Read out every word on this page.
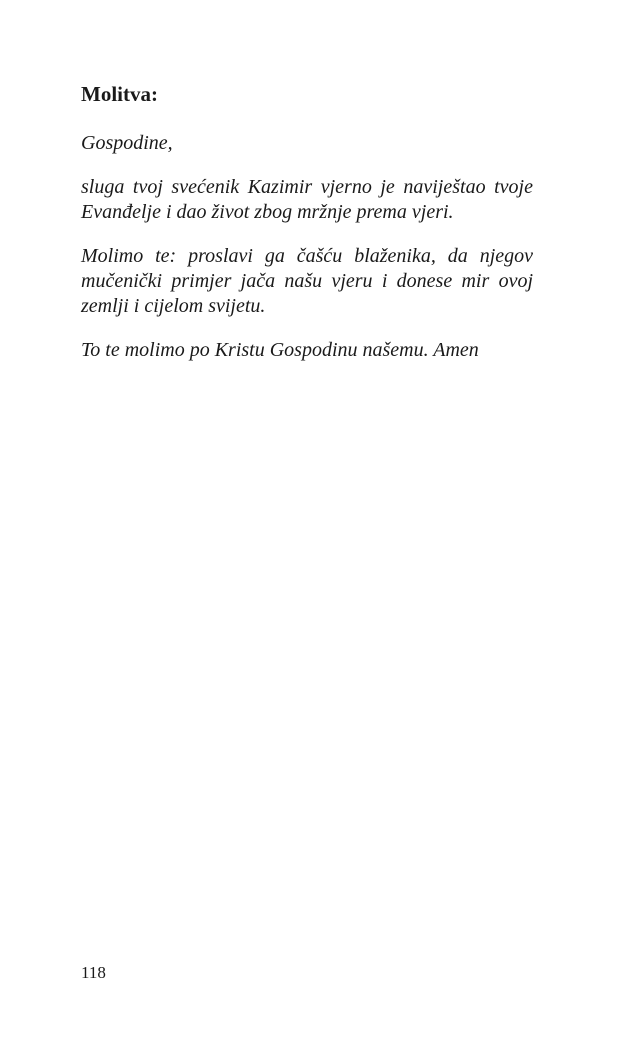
Molitva:

Gospodine,

sluga tvoj svećenik Kazimir vjerno je naviještao tvoje Evanđelje i dao život zbog mržnje prema vjeri.

Molimo te: proslavi ga čašću blaženika, da njegov mučenički primjer jača našu vjeru i donese mir ovoj zemlji i cijelom svijetu.

To te molimo po Kristu Gospodinu našemu. Amen

118
